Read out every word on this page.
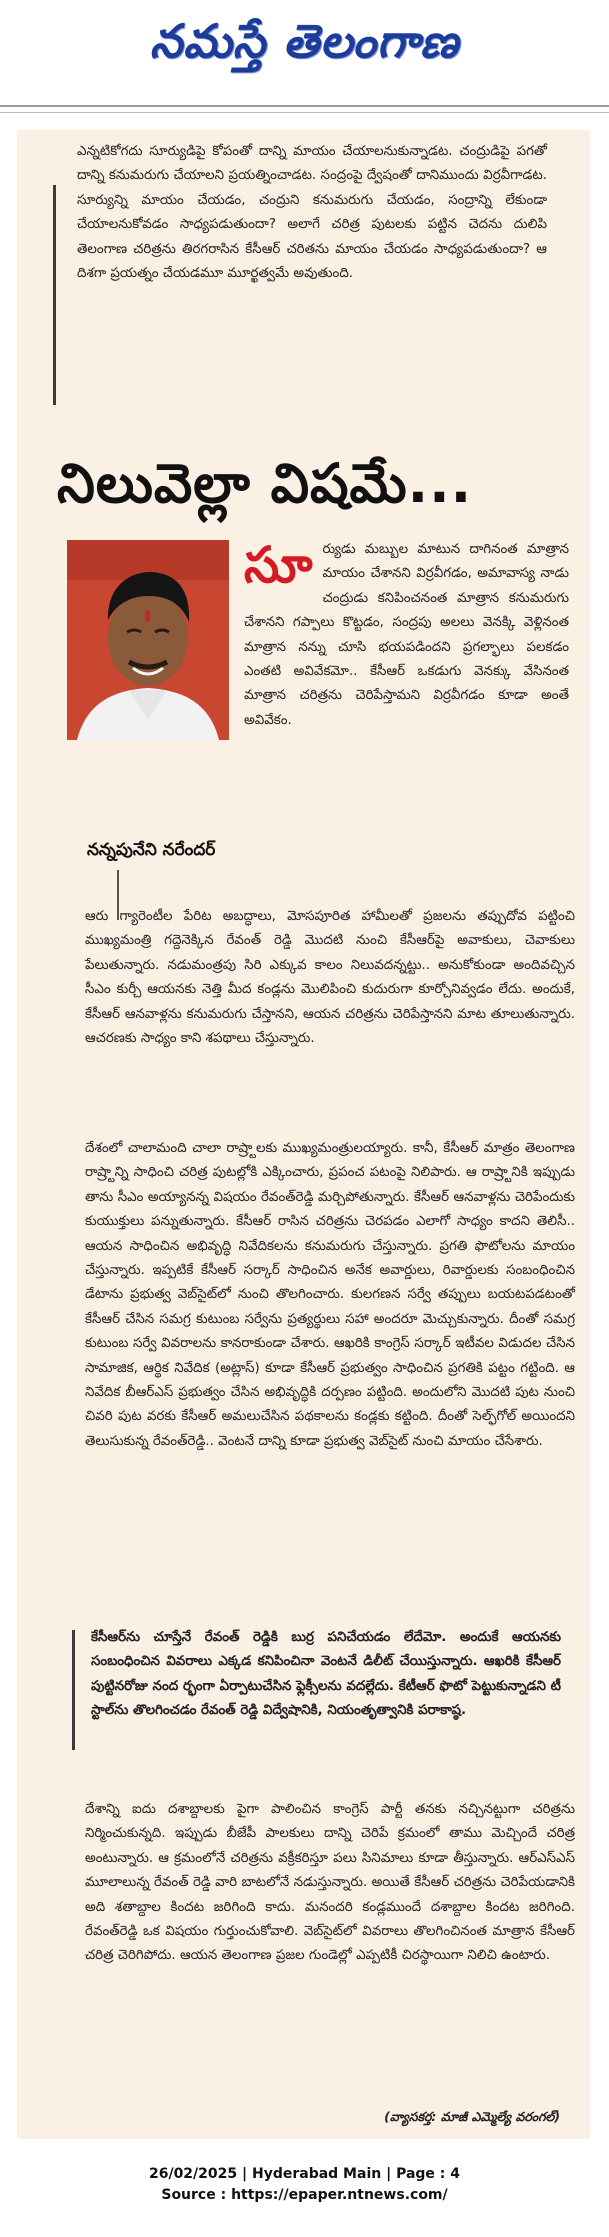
నమస్తే తెలంగాణ
ఎన్నటికోగదు సూర్యుడిపై కోపంతో దాన్ని మాయం చేయాలనుకున్నాడట. చంద్రుడిపై పగతో దాన్ని కనుమరుగు చేయాలని ప్రయత్నించాడట. సంద్రంపై ద్వేషంతో దానిముందు విర్రవీగాడట. సూర్యున్ని మాయం చేయడం, చంద్రుని కనుమరుగు చేయడం, సంద్రాన్ని లేకుండా చేయాలనుకోవడం సాధ్యపడుతుందా? అలాగే చరిత్ర పుటలకు పట్టిన చెదను దులిపి తెలంగాణ చరిత్రను తిరగరాసిన కేసీఆర్ చరితను మాయం చేయడం సాధ్యపడుతుందా? ఆ దిశగా ప్రయత్నం చేయడమూ మూర్ఖత్వమే అవుతుంది.
నిలువెల్లా విషమే...
సూ ర్యుడు మబ్బుల మాటున దాగినంత మాత్రాన మాయం చేశానని విర్రవీగడం, అమావాస్య నాడు చంద్రుడు కనిపించనంత మాత్రాన కనుమరుగు చేశానని గప్పాలు కొట్టడం, సంద్రపు అలలు వెనక్కి వెళ్లినంత మాత్రాన నన్ను చూసి భయపడిందని ప్రగల్భాలు పలకడం ఎంతటి అవివేకమో.. కేసీఆర్ ఒకడుగు వెనక్కు వేసినంత మాత్రాన చరిత్రను చెరిపేస్తామని విర్రవీగడం కూడా అంతే అవివేకం.
నన్నపునేని నరేందర్
ఆరు గ్యారెంటీల పేరిట అబద్ధాలు, మోసపూరిత హామీలతో ప్రజలను తప్పుదోవ పట్టించి ముఖ్యమంత్రి గద్దెనెక్కిన రేవంత్ రెడ్డి మొదటి నుంచి కేసీఆర్‌పై అవాకులు, చెవాకులు పేలుతున్నారు. నడుమంత్రపు సిరి ఎక్కువ కాలం నిలువదన్నట్టు.. అనుకోకుండా అందివచ్చిన సీఎం కుర్చీ ఆయనకు నెత్తి మీద కండ్లను మొలిపించి కుదురుగా కూర్చోనివ్వడం లేదు. అందుకే, కేసీఆర్ ఆనవాళ్లను కనుమరుగు చేస్తానని, ఆయన చరిత్రను చెరిపేస్తానని మాట తూలుతున్నారు. ఆచరణకు సాధ్యం కాని శపథాలు చేస్తున్నారు.
దేశంలో చాలామంది చాలా రాష్ర్టాలకు ముఖ్యమంత్రులయ్యారు. కానీ, కేసీఆర్ మాత్రం తెలంగాణ రాష్ర్టాన్ని సాధించి చరిత్ర పుటల్లోకి ఎక్కించారు, ప్రపంచ పటంపై నిలిపారు. ఆ రాష్ర్టానికి ఇప్పుడు తాను సీఎం అయ్యానన్న విషయం రేవంత్‌రెడ్డి మర్చిపోతున్నారు. కేసీఆర్ ఆనవాళ్లను చెరిపేందుకు కుయుక్తులు పన్నుతున్నారు. కేసీఆర్ రాసిన చరిత్రను చెరపడం ఎలాగో సాధ్యం కాదని తెలిసీ.. ఆయన సాధించిన అభివృద్ధి నివేదికలను కనుమరుగు చేస్తున్నారు. ప్రగతి ఫొటోలను మాయం చేస్తున్నారు. ఇప్పటికే కేసీఆర్ సర్కార్ సాధించిన అనేక అవార్డులు, రివార్డులకు సంబంధించిన డేటాను ప్రభుత్వ వెబ్‌సైట్‌లో నుంచి తొలగించారు. కులగణన సర్వే తప్పులు బయటపడటంతో కేసీఆర్ చేసిన సమగ్ర కుటుంబ సర్వేను ప్రత్యర్థులు సహా అందరూ మెచ్చుకున్నారు. దీంతో సమగ్ర కుటుంబ సర్వే వివరాలను కానరాకుండా చేశారు. ఆఖరికి కాంగ్రెస్ సర్కార్ ఇటీవల విడుదల చేసిన సామాజిక, ఆర్థిక నివేదిక (అట్లాస్) కూడా కేసీఆర్ ప్రభుత్వం సాధించిన ప్రగతికి పట్టం గట్టింది. ఆ నివేదిక బీఆర్‌ఎస్ ప్రభుత్వం చేసిన అభివృద్ధికి దర్పణం పట్టింది. అందులోని మొదటి పుట నుంచి చివరి పుట వరకు కేసీఆర్ అమలుచేసిన పథకాలను కండ్లకు కట్టింది. దీంతో సెల్ఫ్‌గోల్ అయిందని తెలుసుకున్న రేవంత్‌రెడ్డి.. వెంటనే దాన్ని కూడా ప్రభుత్వ వెబ్‌సైట్ నుంచి మాయం చేసేశారు.
కేసీఆర్‌ను చూస్తేనే రేవంత్ రెడ్డికి బుర్ర పనిచేయడం లేదేమో. అందుకే ఆయనకు సంబంధించిన వివరాలు ఎక్కడ కనిపించినా వెంటనే డిలీట్ చేయిస్తున్నారు. ఆఖరికి కేసీఆర్ పుట్టినరోజు నంద ర్భంగా ఏర్పాటుచేసిన ఫ్లెక్సీలను వదల్లేదు. కేటీఆర్ ఫొటో పెట్టుకున్నాడని టీ స్టాల్‌ను తొలగించడం రేవంత్ రెడ్డి విద్వేషానికి, నియంతృత్వానికి పరాకాష్ఠ.
దేశాన్ని ఐదు దశాబ్దాలకు పైగా పాలించిన కాంగ్రెస్ పార్టీ తనకు నచ్చినట్టుగా చరిత్రను నిర్మించుకున్నది. ఇప్పుడు బీజేపీ పాలకులు దాన్ని చెరిపే క్రమంలో తాము మెచ్చిందే చరిత్ర అంటున్నారు. ఆ క్రమంలోనే చరిత్రను వక్రీకరిస్తూ పలు సినిమాలు కూడా తీస్తున్నారు. ఆర్‌ఎస్‌ఎస్ మూలాలున్న రేవంత్ రెడ్డి వారి బాటలోనే నడుస్తున్నారు. అయితే కేసీఆర్ చరిత్రను చెరిపేయడానికి అది శతాబ్దాల కిందట జరిగింది కాదు. మనందరి కండ్లముందే దశాబ్దాల కిందట జరిగింది. రేవంత్‌రెడ్డి ఒక విషయం గుర్తుంచుకోవాలి. వెబ్‌సైట్‌లో వివరాలు తొలగించినంత మాత్రాన కేసీఆర్ చరిత్ర చెరిగిపోదు. ఆయన తెలంగాణ ప్రజల గుండెల్లో ఎప్పటికీ చిరస్థాయిగా నిలిచి ఉంటారు.
(వ్యాసకర్త: మాజీ ఎమ్మెల్యే వరంగల్)
26/02/2025 | Hyderabad Main | Page : 4
Source : https://epaper.ntnews.com/
